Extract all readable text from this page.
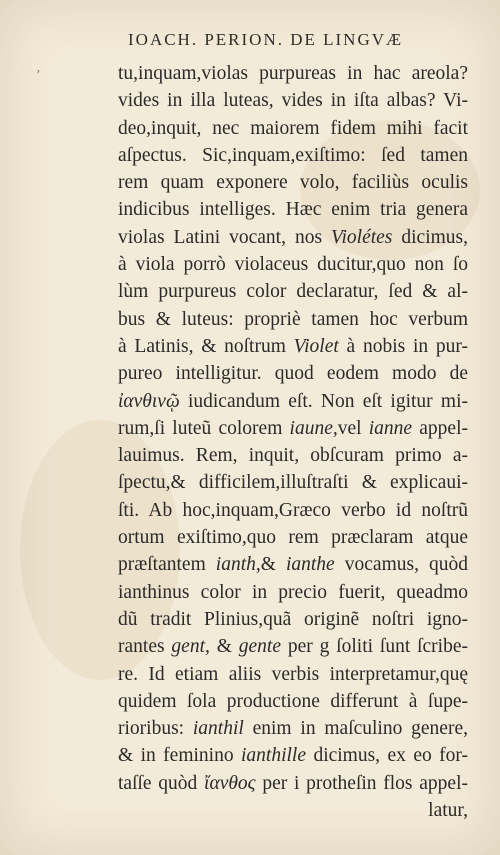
IOACH. PERION. DE LINGVÆ
’	tu,inquam,violas purpureas in hac areola?
vides in illa luteas, vides in iſta albas? Vi-
deo,inquit, nec maiorem fidem mihi facit
aſpectus. Sic,inquam,exiſtimo: ſed tamen
rem quam exponere volo, faciliùs oculis
indicibus intelliges. Hæc enim tria genera
violas Latini vocant, nos Violétes dicimus,
à viola porrò violaceus ducitur,quo non ſo
lùm purpureus color declaratur, ſed & al-
bus & luteus: propriè tamen hoc verbum
à Latinis, & noſtrum Violet à nobis in pur-
pureo intelligitur. quod eodem modo de
ἰανθινῷ iudicandum eſt. Non eſt igitur mi-
rum,ſi luteũ colorem iaune,vel ianne appel-
lauimus. Rem, inquit, obſcuram primo a-
ſpectu,& difficilem,illuſtraſti & explicaui-
ſti. Ab hoc,inquam,Græco verbo id noſtrũ
ortum exiſtimo,quo rem præclaram atque
præſtantem ianth,& ianthe vocamus, quòd
ianthinus color in precio fuerit, queadmo
dũ tradit Plinius,quã originẽ noſtri igno-
rantes gent, & gente per g ſoliti ſunt ſcribe-
re. Id etiam aliis verbis interpretamur,quę
quidem ſola productione differunt à ſupe-
rioribus: ianthil enim in maſculino genere,
& in feminino ianthille dicimus, ex eo for-
taſſe quòd ἴανθος per i protheſin flos appel-
latur,
